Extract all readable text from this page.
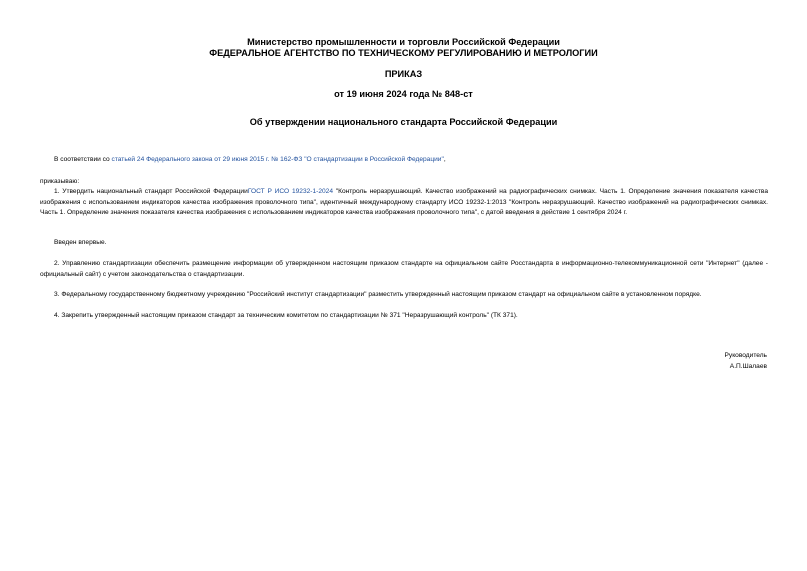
Министерство промышленности и торговли Российской Федерации
ФЕДЕРАЛЬНОЕ АГЕНТСТВО ПО ТЕХНИЧЕСКОМУ РЕГУЛИРОВАНИЮ И МЕТРОЛОГИИ
ПРИКАЗ
от 19 июня 2024 года № 848-ст
Об утверждении национального стандарта Российской Федерации
В соответствии со статьей 24 Федерального закона от 29 июня 2015 г. № 162-ФЗ "О стандартизации в Российской Федерации",
приказываю:
1. Утвердить национальный стандарт Российской ФедерацииГОСТ Р ИСО 19232-1-2024 "Контроль неразрушающий. Качество изображений на радиографических снимках. Часть 1. Определение значения показателя качества изображения с использованием индикаторов качества изображения проволочного типа", идентичный международному стандарту ИСО 19232-1:2013 "Контроль неразрушающий. Качество изображений на радиографических снимках. Часть 1. Определение значения показателя качества изображения с использованием индикаторов качества изображения проволочного типа", с датой введения в действие 1 сентября 2024 г.
Введен впервые.
2. Управлению стандартизации обеспечить размещение информации об утвержденном настоящим приказом стандарте на официальном сайте Росстандарта в информационно-телекоммуникационной сети "Интернет" (далее - официальный сайт) с учетом законодательства о стандартизации.
3. Федеральному государственному бюджетному учреждению "Российский институт стандартизации" разместить утвержденный настоящим приказом стандарт на официальном сайте в установленном порядке.
4. Закрепить утвержденный настоящим приказом стандарт за техническим комитетом по стандартизации № 371 "Неразрушающий контроль" (ТК 371).
Руководитель
А.П.Шалаев
